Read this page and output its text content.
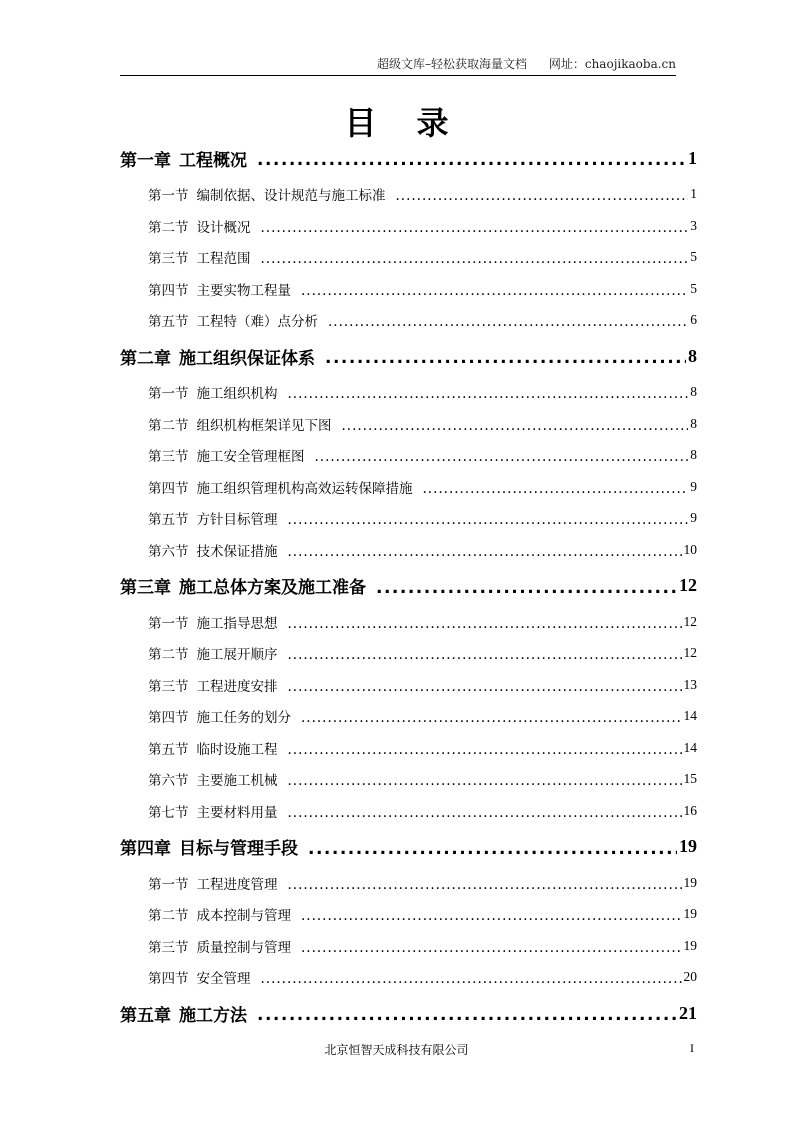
超级文库–轻松获取海量文档 网址：chaojikaoba.cn
目录
第一章 工程概况 .....	1
第一节 编制依据、设计规范与施工标准 .....	1
第二节 设计概况 .....	3
第三节 工程范围 .....	5
第四节 主要实物工程量 .....	5
第五节 工程特（难）点分析 .....	6
第二章 施工组织保证体系 .....	8
第一节 施工组织机构 .....	8
第二节 组织机构框架详见下图 .....	8
第三节 施工安全管理框图 .....	8
第四节 施工组织管理机构高效运转保障措施 .....	9
第五节 方针目标管理 .....	9
第六节 技术保证措施 .....	10
第三章 施工总体方案及施工准备 .....	12
第一节 施工指导思想 .....	12
第二节 施工展开顺序 .....	12
第三节 工程进度安排 .....	13
第四节 施工任务的划分 .....	14
第五节 临时设施工程 .....	14
第六节 主要施工机械 .....	15
第七节 主要材料用量 .....	16
第四章 目标与管理手段 .....	19
第一节 工程进度管理 .....	19
第二节 成本控制与管理 .....	19
第三节 质量控制与管理 .....	19
第四节 安全管理 .....	20
第五章 施工方法 .....	21
北京恒智天成科技有限公司	I
